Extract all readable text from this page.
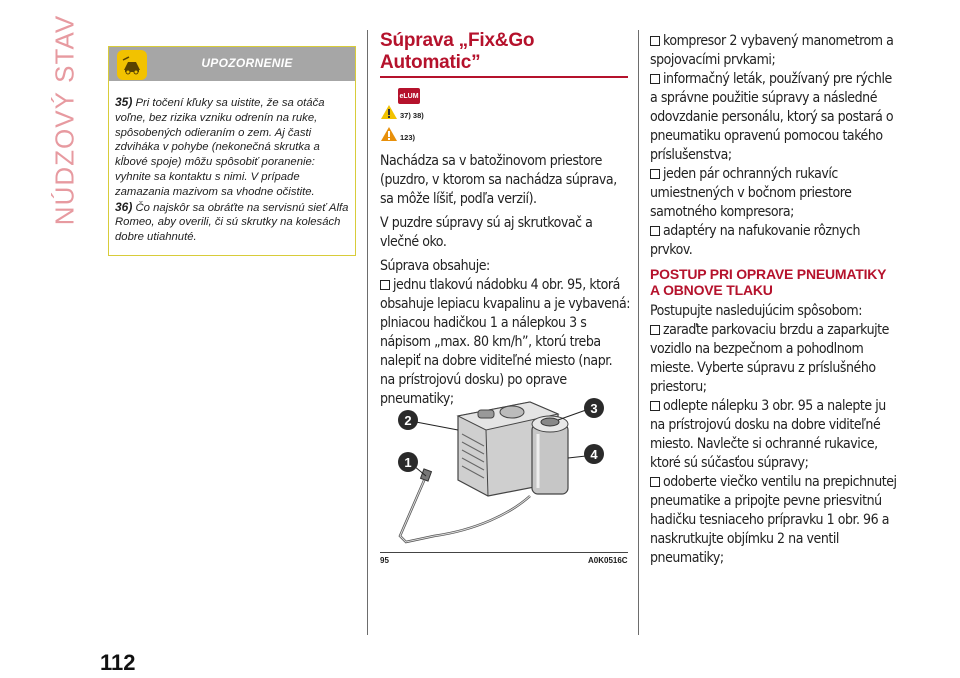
NÚDZOVÝ STAV	UPOZORNENIE

35) Pri točení kľuky sa uistite, že sa otáča voľne, bez rizika vzniku odrenín na ruke, spôsobených odieraním o zem. Aj časti zdviháka v pohybe (nekonečná skrutka a kĺbové spoje) môžu spôsobiť poranenie: vyhnite sa kontaktu s nimi. V prípade zamazania mazivom sa vhodne očistite.

36) Čo najskôr sa obráťte na servisnú sieť Alfa Romeo, aby overili, či sú skrutky na kolesách dobre utiahnuté.

Súprava „Fix&Go Automatic”
eLUM
37) 38)
123)

Nachádza sa v batožinovom priestore (puzdro, v ktorom sa nachádza súprava, sa môže líšiť, podľa verzií).

V puzdre súpravy sú aj skrutkovač a vlečné oko.

Súprava obsahuje:

jednu tlakovú nádobku 4 obr. 95, ktorá obsahuje lepiacu kvapalinu a je vybavená: plniacou hadičkou 1 a nálepkou 3 s nápisom „max. 80 km/h”, ktorú treba nalepiť na dobre viditeľné miesto (napr. na prístrojovú dosku) po oprave pneumatiky;

2
3
1
4
95	A0K0516C

kompresor 2 vybavený manometrom a spojovacími prvkami;

informačný leták, používaný pre rýchle a správne použitie súpravy a následné odovzdanie personálu, ktorý sa postará o pneumatiku opravenú pomocou takého príslušenstva;

jeden pár ochranných rukavíc umiestnených v bočnom priestore samotného kompresora;

adaptéry na nafukovanie rôznych prvkov.

POSTUP PRI OPRAVE PNEUMATIKY A OBNOVE TLAKU

Postupujte nasledujúcim spôsobom:

zaraďte parkovaciu brzdu a zaparkujte vozidlo na bezpečnom a pohodlnom mieste. Vyberte súpravu z príslušného priestoru;

odlepte nálepku 3 obr. 95 a nalepte ju na prístrojovú dosku na dobre viditeľné miesto. Navlečte si ochranné rukavice, ktoré sú súčasťou súpravy;

odoberte viečko ventilu na prepichnutej pneumatike a pripojte pevne priesvitnú hadičku tesniaceho prípravku 1 obr. 96 a naskrutkujte objímku 2 na ventil pneumatiky;

112
